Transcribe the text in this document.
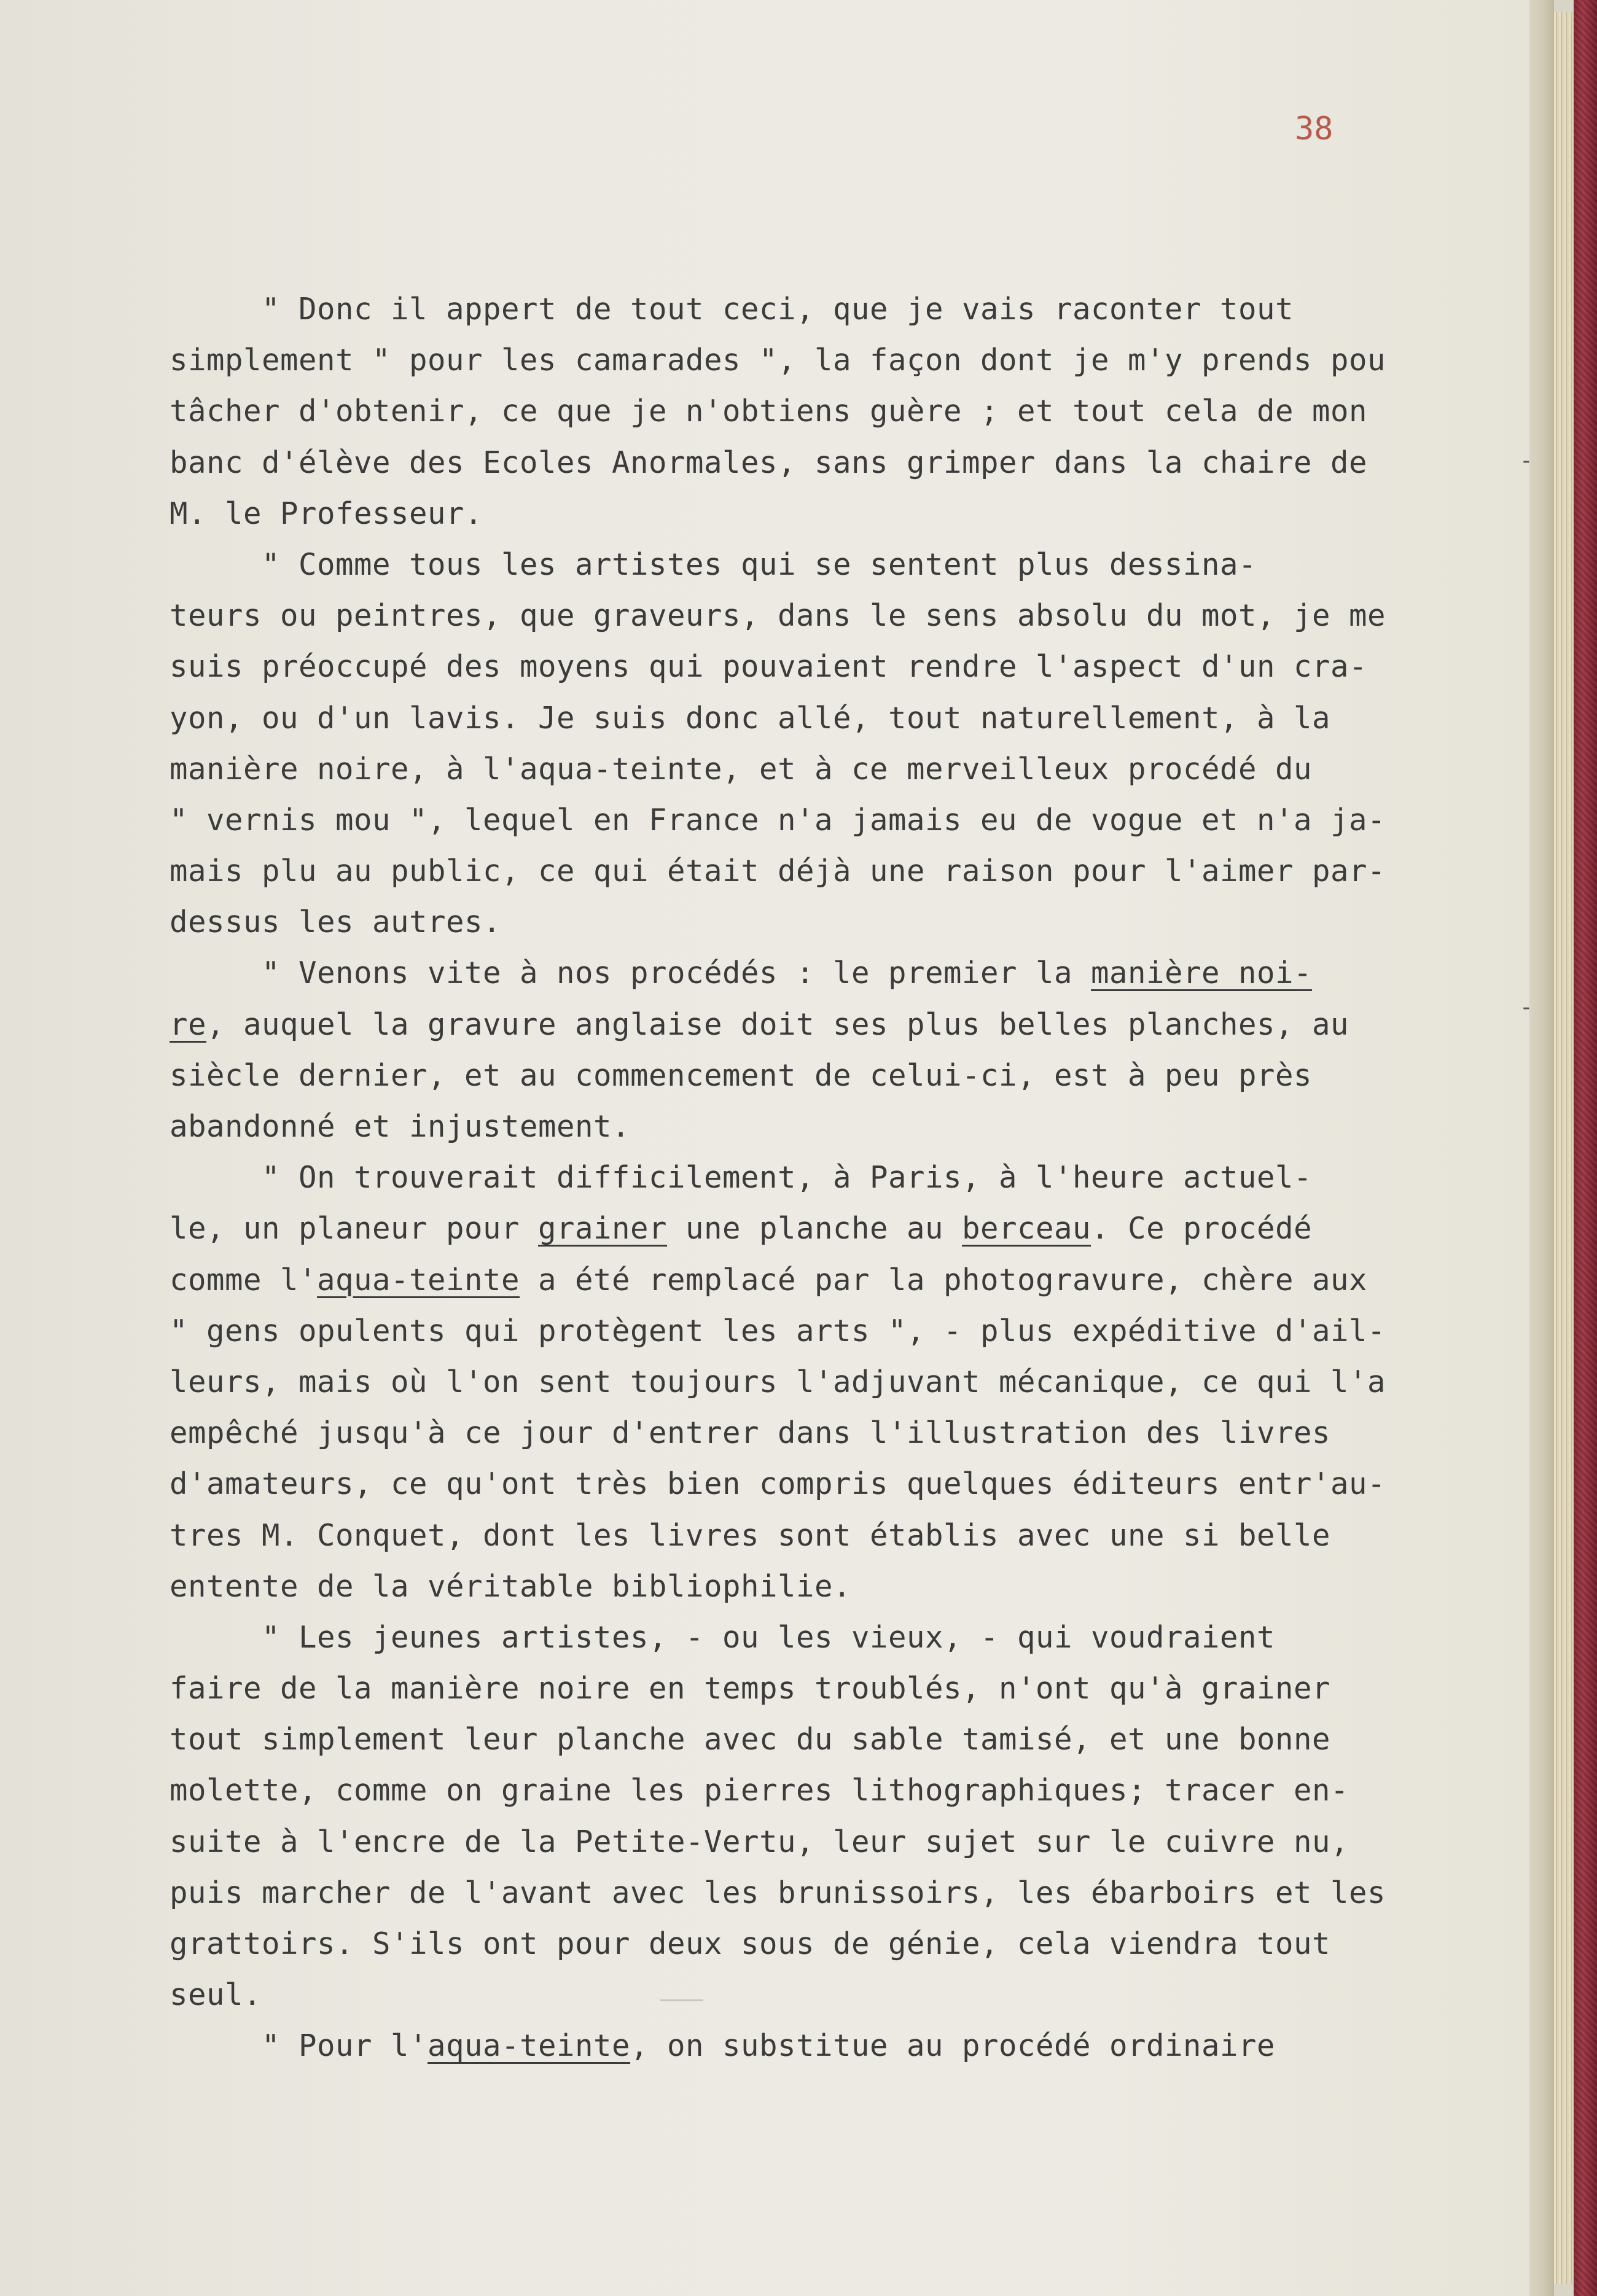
38
" Donc il appert de tout ceci, que je vais raconter tout
simplement " pour les camarades ", la façon dont je m'y prends pou
tâcher d'obtenir, ce que je n'obtiens guère ; et tout cela de mon
banc d'élève des Ecoles Anormales, sans grimper dans la chaire de
M. le Professeur.
" Comme tous les artistes qui se sentent plus dessina-
teurs ou peintres, que graveurs, dans le sens absolu du mot, je me
suis préoccupé des moyens qui pouvaient rendre l'aspect d'un cra-
yon, ou d'un lavis. Je suis donc allé, tout naturellement, à la
manière noire, à l'aqua-teinte, et à ce merveilleux procédé du
" vernis mou ", lequel en France n'a jamais eu de vogue et n'a ja-
mais plu au public, ce qui était déjà une raison pour l'aimer par-
dessus les autres.
" Venons vite à nos procédés : le premier la manière noi-
re, auquel la gravure anglaise doit ses plus belles planches, au
siècle dernier, et au commencement de celui-ci, est à peu près
abandonné et injustement.
" On trouverait difficilement, à Paris, à l'heure actuel-
le, un planeur pour grainer une planche au berceau. Ce procédé
comme l'aqua-teinte a été remplacé par la photogravure, chère aux
" gens opulents qui protègent les arts ", - plus expéditive d'ail-
leurs, mais où l'on sent toujours l'adjuvant mécanique, ce qui l'a
empêché jusqu'à ce jour d'entrer dans l'illustration des livres
d'amateurs, ce qu'ont très bien compris quelques éditeurs entr'au-
tres M. Conquet, dont les livres sont établis avec une si belle
entente de la véritable bibliophilie.
" Les jeunes artistes, - ou les vieux, - qui voudraient
faire de la manière noire en temps troublés, n'ont qu'à grainer
tout simplement leur planche avec du sable tamisé, et une bonne
molette, comme on graine les pierres lithographiques; tracer en-
suite à l'encre de la Petite-Vertu, leur sujet sur le cuivre nu,
puis marcher de l'avant avec les brunissoirs, les ébarboirs et les
grattoirs. S'ils ont pour deux sous de génie, cela viendra tout
seul.
" Pour l'aqua-teinte, on substitue au procédé ordinaire
-
-
